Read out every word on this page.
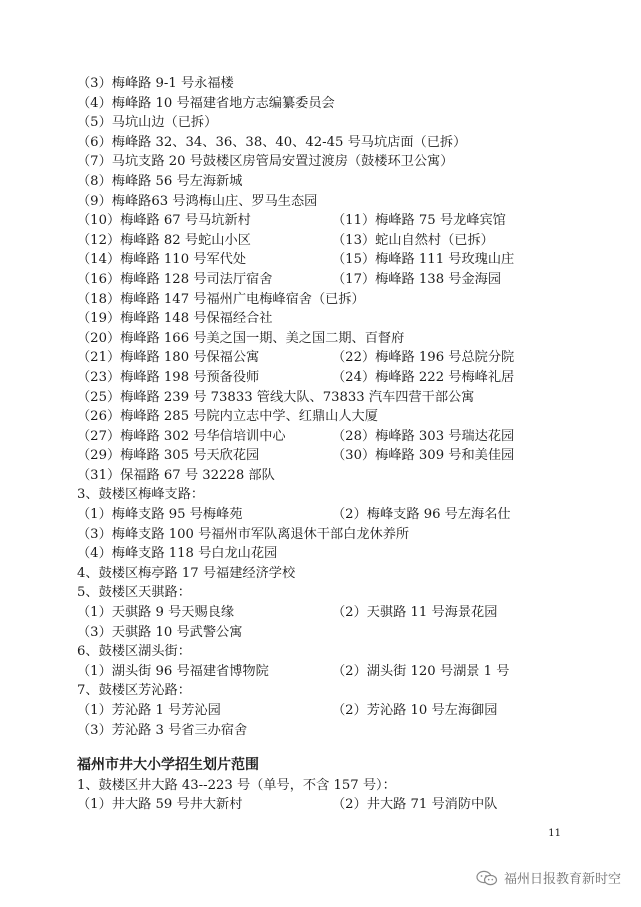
（3）梅峰路 9-1 号永福楼
（4）梅峰路 10 号福建省地方志编纂委员会
（5）马坑山边（已拆）
（6）梅峰路 32、34、36、38、40、42-45 号马坑店面（已拆）
（7）马坑支路 20 号鼓楼区房管局安置过渡房（鼓楼环卫公寓）
（8）梅峰路 56 号左海新城
（9）梅峰路63 号鸿梅山庄、罗马生态园
（10）梅峰路 67 号马坑新村	（11）梅峰路 75 号龙峰宾馆
（12）梅峰路 82 号蛇山小区	（13）蛇山自然村（已拆）
（14）梅峰路 110 号军代处	（15）梅峰路 111 号玫瑰山庄
（16）梅峰路 128 号司法厅宿舍	（17）梅峰路 138 号金海园
（18）梅峰路 147 号福州广电梅峰宿舍（已拆）
（19）梅峰路 148 号保福经合社
（20）梅峰路 166 号美之国一期、美之国二期、百督府
（21）梅峰路 180 号保福公寓	（22）梅峰路 196 号总院分院
（23）梅峰路 198 号预备役师	（24）梅峰路 222 号梅峰礼居
（25）梅峰路 239 号 73833 管线大队、73833 汽车四营干部公寓
（26）梅峰路 285 号院内立志中学、红鼎山人大厦
（27）梅峰路 302 号华信培训中心	（28）梅峰路 303 号瑞达花园
（29）梅峰路 305 号天欣花园	（30）梅峰路 309 号和美佳园
（31）保福路 67 号 32228 部队
3、鼓楼区梅峰支路：
（1）梅峰支路 95 号梅峰苑	（2）梅峰支路 96 号左海名仕
（3）梅峰支路 100 号福州市军队离退休干部白龙休养所
（4）梅峰支路 118 号白龙山花园
4、鼓楼区梅亭路 17 号福建经济学校
5、鼓楼区天骐路：
（1）天骐路 9 号天赐良缘	（2）天骐路 11 号海景花园
（3）天骐路 10 号武警公寓
6、鼓楼区湖头街：
（1）湖头街 96 号福建省博物院	（2）湖头街 120 号湖景 1 号
7、鼓楼区芳沁路：
（1）芳沁路 1 号芳沁园	（2）芳沁路 10 号左海御园
（3）芳沁路 3 号省三办宿舍
福州市井大小学招生划片范围
1、鼓楼区井大路 43--223 号（单号，不含 157 号）：
（1）井大路 59 号井大新村	（2）井大路 71 号消防中队
11
福州日报教育新时空
